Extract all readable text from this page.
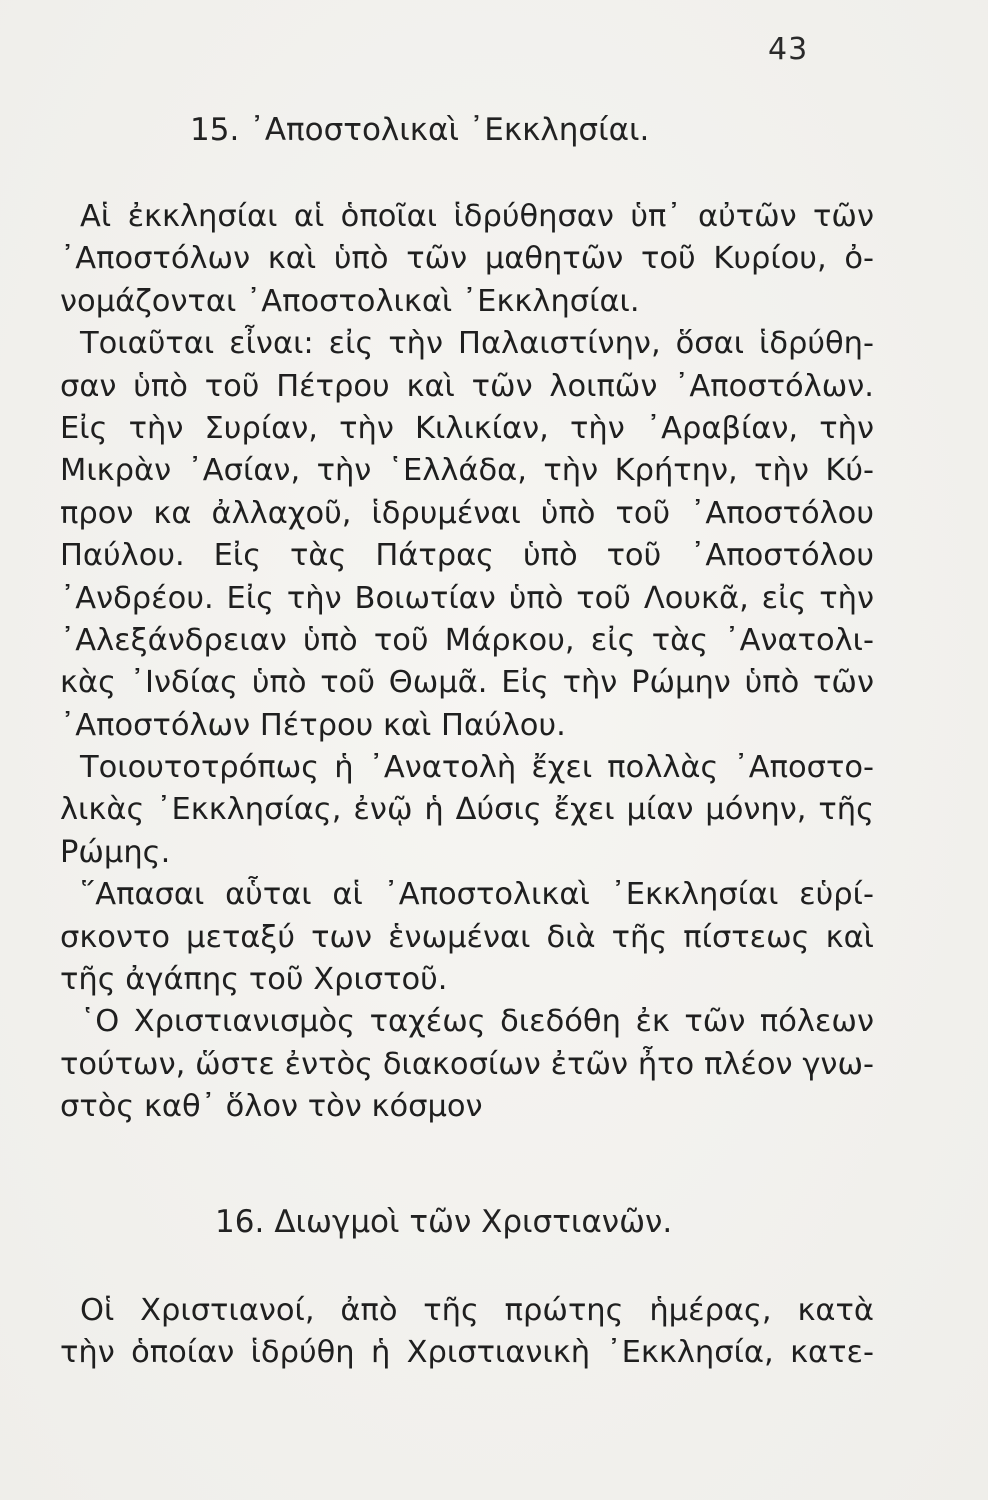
43
15. ᾿Αποστολικαὶ ᾿Εκκλησίαι.
Αἱ ἐκκλησίαι αἱ ὁποῖαι ἱδρύθησαν ὑπ᾿ αὐτῶν τῶν
᾿Αποστόλων καὶ ὑπὸ τῶν μαθητῶν τοῦ Κυρίου, ὀ-
νομάζονται ᾿Αποστολικαὶ ᾿Εκκλησίαι.
Τοιαῦται εἶναι: εἰς τὴν Παλαιστίνην, ὅσαι ἱδρύθη-
σαν ὑπὸ τοῦ Πέτρου καὶ τῶν λοιπῶν ᾿Αποστόλων.
Εἰς τὴν Συρίαν, τὴν Κιλικίαν, τὴν ᾿Αραβίαν, τὴν
Μικρὰν ᾿Ασίαν, τὴν ῾Ελλάδα, τὴν Κρήτην, τὴν Κύ-
προν κα ἀλλαχοῦ, ἱδρυμέναι ὑπὸ τοῦ ᾿Αποστόλου
Παύλου. Εἰς τὰς Πάτρας ὑπὸ τοῦ ᾿Αποστόλου
᾿Ανδρέου. Εἰς τὴν Βοιωτίαν ὑπὸ τοῦ Λουκᾶ, εἰς τὴν
᾿Αλεξάνδρειαν ὑπὸ τοῦ Μάρκου, εἰς τὰς ᾿Ανατολι-
κὰς ᾿Ινδίας ὑπὸ τοῦ Θωμᾶ. Εἰς τὴν Ρώμην ὑπὸ τῶν
᾿Αποστόλων Πέτρου καὶ Παύλου.
Τοιουτοτρόπως ἡ ᾿Ανατολὴ ἔχει πολλὰς ᾿Αποστο-
λικὰς ᾿Εκκλησίας, ἐνῷ ἡ Δύσις ἔχει μίαν μόνην, τῆς
Ρώμης.
῞Απασαι αὗται αἱ ᾿Αποστολικαὶ ᾿Εκκλησίαι εὑρί-
σκοντο μεταξύ των ἑνωμέναι διὰ τῆς πίστεως καὶ
τῆς ἀγάπης τοῦ Χριστοῦ.
῾Ο Χριστιανισμὸς ταχέως διεδόθη ἐκ τῶν πόλεων
τούτων, ὥστε ἐντὸς διακοσίων ἐτῶν ἦτο πλέον γνω-
στὸς καθ᾿ ὅλον τὸν κόσμον
16. Διωγμοὶ τῶν Χριστιανῶν.
Οἱ Χριστιανοί, ἀπὸ τῆς πρώτης ἡμέρας, κατὰ
τὴν ὁποίαν ἱδρύθη ἡ Χριστιανικὴ ᾿Εκκλησία, κατε-
